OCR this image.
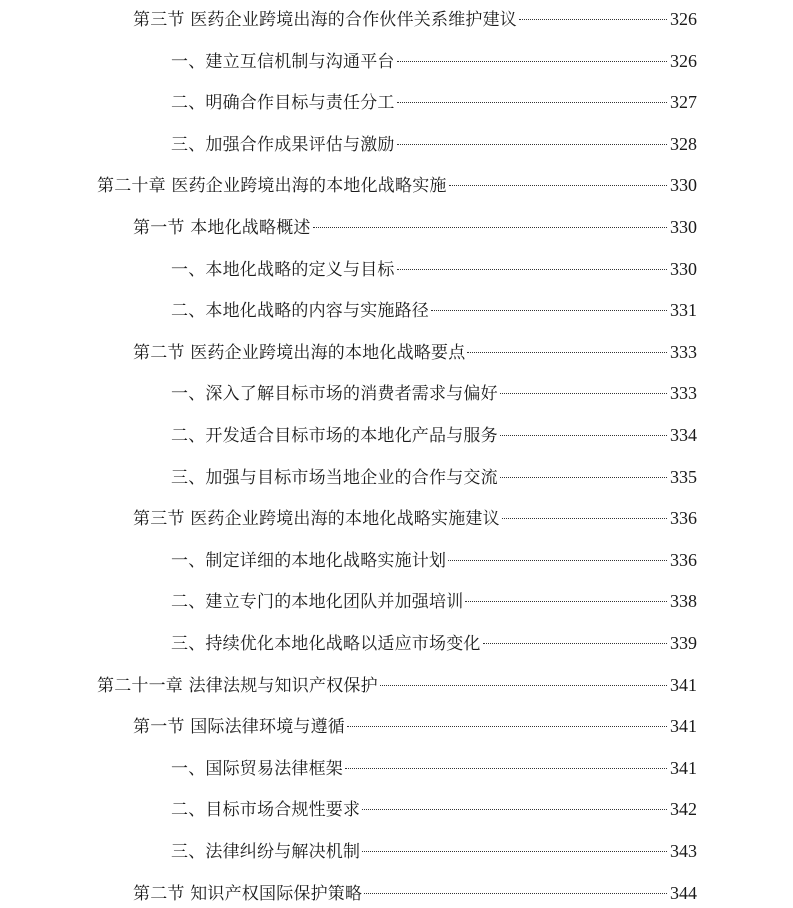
第三节 医药企业跨境出海的合作伙伴关系维护建议	326
一、建立互信机制与沟通平台	326
二、明确合作目标与责任分工	327
三、加强合作成果评估与激励	328
第二十章 医药企业跨境出海的本地化战略实施	330
第一节 本地化战略概述	330
一、本地化战略的定义与目标	330
二、本地化战略的内容与实施路径	331
第二节 医药企业跨境出海的本地化战略要点	333
一、深入了解目标市场的消费者需求与偏好	333
二、开发适合目标市场的本地化产品与服务	334
三、加强与目标市场当地企业的合作与交流	335
第三节 医药企业跨境出海的本地化战略实施建议	336
一、制定详细的本地化战略实施计划	336
二、建立专门的本地化团队并加强培训	338
三、持续优化本地化战略以适应市场变化	339
第二十一章 法律法规与知识产权保护	341
第一节 国际法律环境与遵循	341
一、国际贸易法律框架	341
二、目标市场合规性要求	342
三、法律纠纷与解决机制	343
第二节 知识产权国际保护策略	344
